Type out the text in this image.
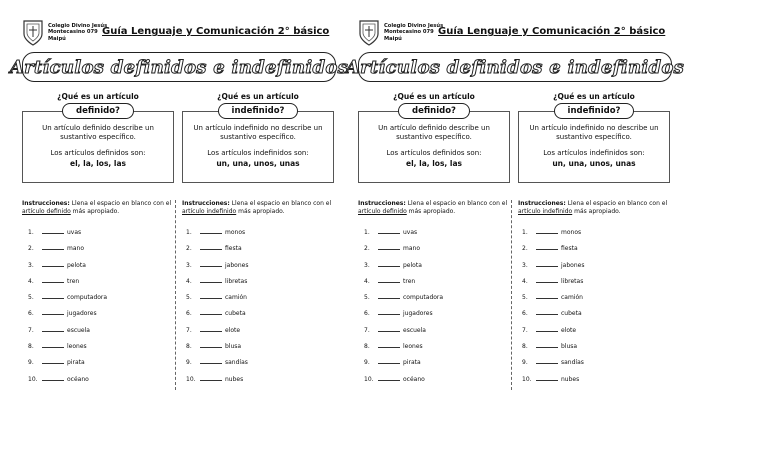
Colegio Divino Jesús
Montecasino 079
Maipú
Guía Lenguaje y Comunicación 2° básico
Artículos definidos e indefinidos
¿Qué es un artículo
definido?
Un artículo definido describe un sustantivo específico.
Los artículos definidos son:
el, la, los, las
¿Qué es un artículo
indefinido?
Un artículo indefinido no describe un sustantivo específico.
Los artículos indefinidos son:
un, una, unos, unas
Instrucciones: Llena el espacio en blanco con el artículo definido más apropiado.
Instrucciones: Llena el espacio en blanco con el artículo indefinido más apropiado.
1.	uvas
2.	mano
3.	pelota
4.	tren
5.	computadora
6.	jugadores
7.	escuela
8.	leones
9.	pirata
10.	océano
1.	monos
2.	fiesta
3.	jabones
4.	libretas
5.	camión
6.	cubeta
7.	elote
8.	blusa
9.	sandías
10.	nubes
Colegio Divino Jesús
Montecasino 079
Maipú
Guía Lenguaje y Comunicación 2° básico
Artículos definidos e indefinidos
¿Qué es un artículo
definido?
Un artículo definido describe un sustantivo específico.
Los artículos definidos son:
el, la, los, las
¿Qué es un artículo
indefinido?
Un artículo indefinido no describe un sustantivo específico.
Los artículos indefinidos son:
un, una, unos, unas
Instrucciones: Llena el espacio en blanco con el artículo definido más apropiado.
Instrucciones: Llena el espacio en blanco con el artículo indefinido más apropiado.
1.	uvas
2.	mano
3.	pelota
4.	tren
5.	computadora
6.	jugadores
7.	escuela
8.	leones
9.	pirata
10.	océano
1.	monos
2.	fiesta
3.	jabones
4.	libretas
5.	camión
6.	cubeta
7.	elote
8.	blusa
9.	sandías
10.	nubes
